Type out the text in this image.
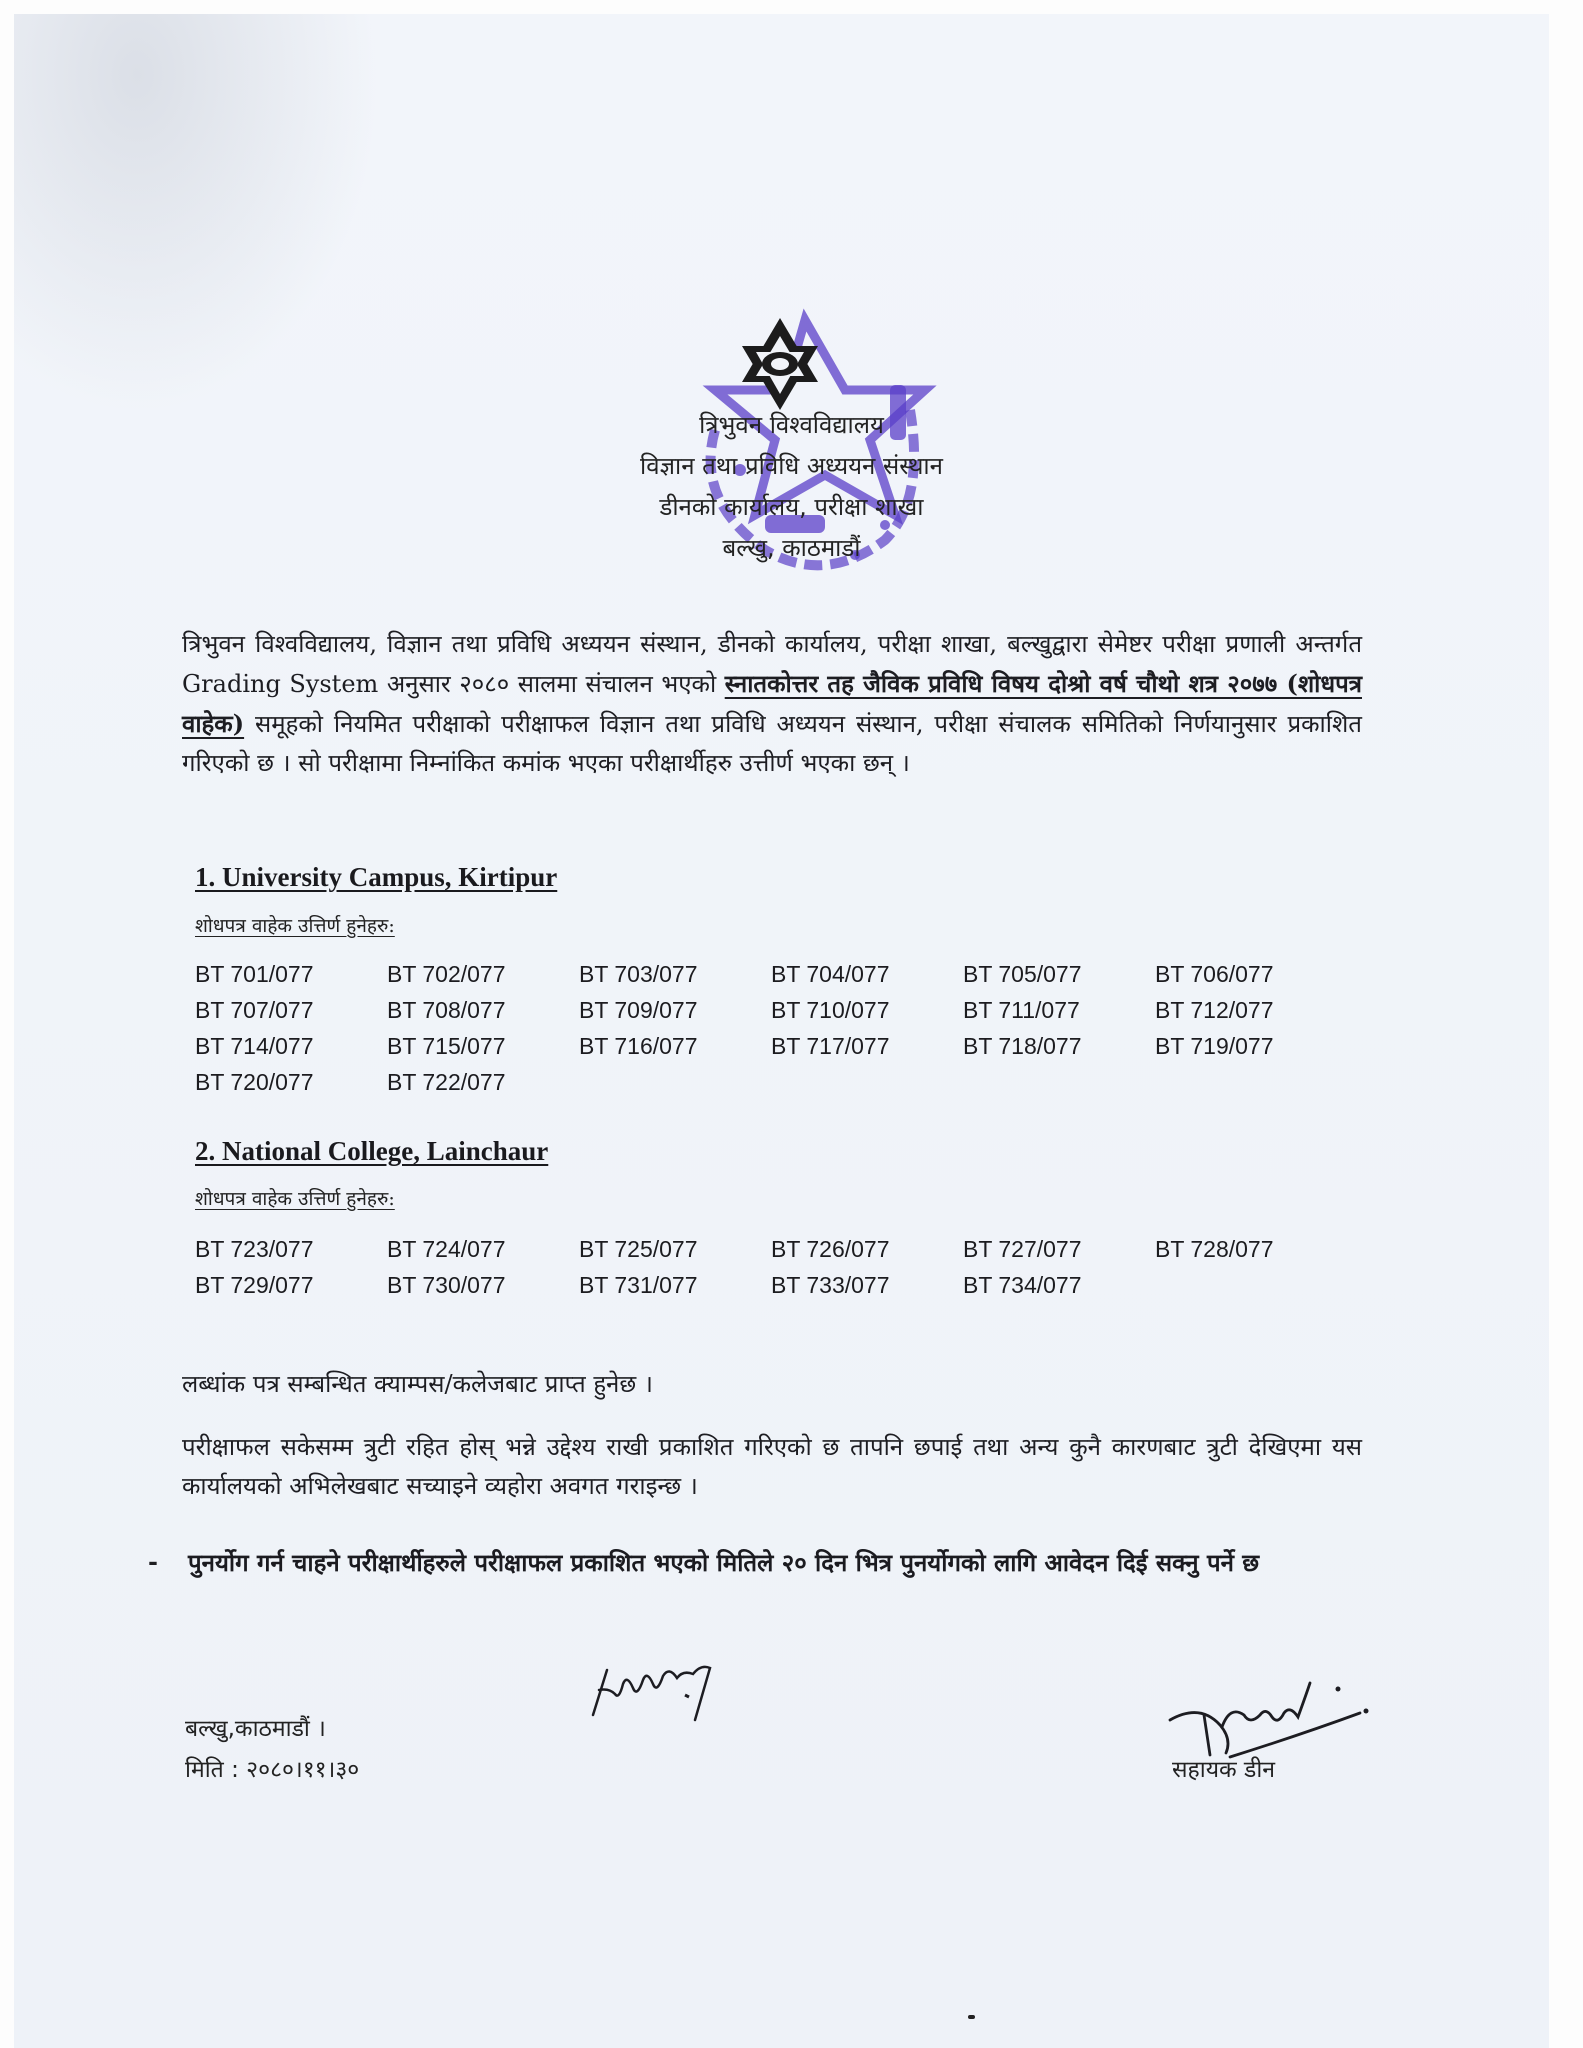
त्रिभुवन विश्वविद्यालय
विज्ञान तथा प्रविधि अध्ययन संस्थान
डीनको कार्यालय, परीक्षा शाखा
बल्खु, काठमाडौं
त्रिभुवन विश्वविद्यालय, विज्ञान तथा प्रविधि अध्ययन संस्थान, डीनको कार्यालय, परीक्षा शाखा, बल्खुद्वारा सेमेष्टर परीक्षा प्रणाली अन्तर्गत Grading System अनुसार २०८० सालमा संचालन भएको स्नातकोत्तर तह जैविक प्रविधि विषय दोश्रो वर्ष चौथो शत्र २०७७ (शोधपत्र वाहेक) समूहको नियमित परीक्षाको परीक्षाफल विज्ञान तथा प्रविधि अध्ययन संस्थान, परीक्षा संचालक समितिको निर्णयानुसार प्रकाशित गरिएको छ । सो परीक्षामा निम्नांकित कमांक भएका परीक्षार्थीहरु उत्तीर्ण भएका छन् ।
1. University Campus, Kirtipur
शोधपत्र वाहेक उत्तिर्ण हुनेहरु:
BT 701/077	BT 702/077	BT 703/077	BT 704/077	BT 705/077	BT 706/077
BT 707/077	BT 708/077	BT 709/077	BT 710/077	BT 711/077	BT 712/077
BT 714/077	BT 715/077	BT 716/077	BT 717/077	BT 718/077	BT 719/077
BT 720/077	BT 722/077
2. National College, Lainchaur
शोधपत्र वाहेक उत्तिर्ण हुनेहरु:
BT 723/077	BT 724/077	BT 725/077	BT 726/077	BT 727/077	BT 728/077
BT 729/077	BT 730/077	BT 731/077	BT 733/077	BT 734/077
लब्धांक पत्र सम्बन्धित क्याम्पस/कलेजबाट प्राप्त हुनेछ ।
परीक्षाफल सकेसम्म त्रुटी रहित होस् भन्ने उद्देश्य राखी प्रकाशित गरिएको छ तापनि छपाई तथा अन्य कुनै कारणबाट त्रुटी देखिएमा यस कार्यालयको अभिलेखबाट सच्याइने व्यहोरा अवगत गराइन्छ ।
- पुनर्योग गर्न चाहने परीक्षार्थीहरुले परीक्षाफल प्रकाशित भएको मितिले २० दिन भित्र पुनर्योगको लागि आवेदन दिई सक्नु पर्ने छ
बल्खु,काठमाडौं ।
मिति : २०८०।११।३०	सहायक डीन
